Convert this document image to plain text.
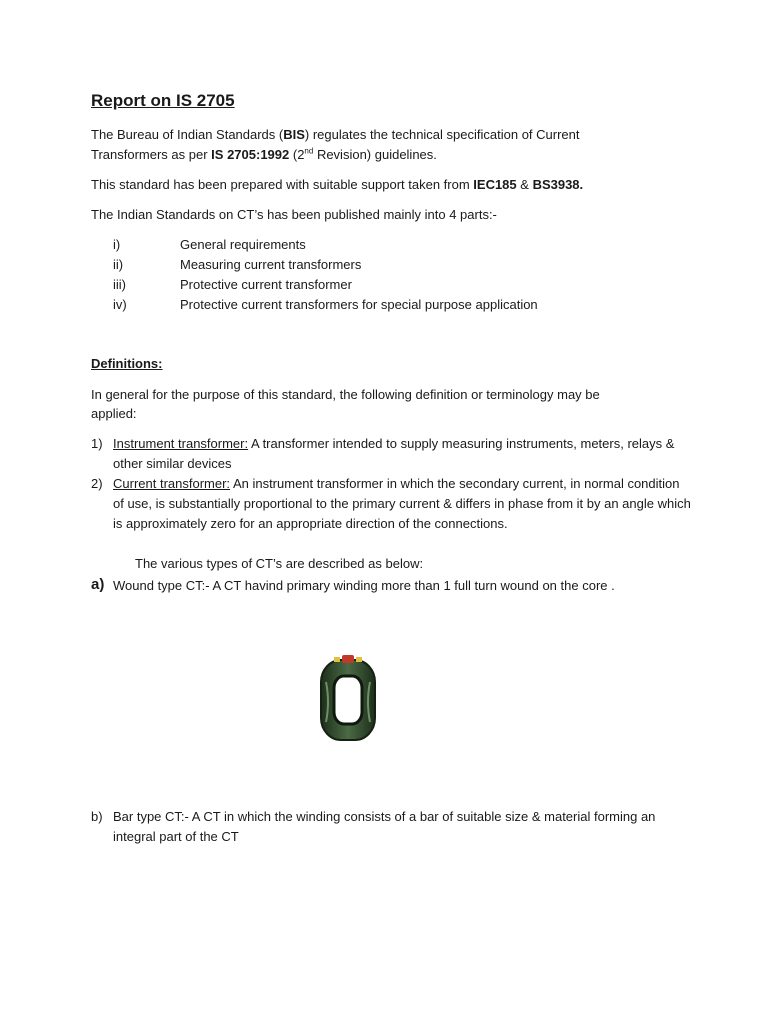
Report on IS 2705
The Bureau of Indian Standards (BIS) regulates the technical specification of Current
Transformers as per IS 2705:1992 (2nd Revision) guidelines.
This standard has been prepared with suitable support taken from IEC185 & BS3938.
The Indian Standards on CT’s has been published mainly into 4 parts:-
i)	General requirements
ii)	Measuring current transformers
iii)	Protective current transformer
iv)	Protective current transformers for special purpose application
Definitions:
In general for the purpose of this standard, the following definition or terminology may be
applied:
1) Instrument transformer: A transformer intended to supply measuring instruments, meters, relays & other similar devices
2) Current transformer: An instrument transformer in which the secondary current, in normal condition of use, is substantially proportional to the primary current & differs in phase from it by an angle which is approximately zero for an appropriate direction of the connections.
The various types of CT’s are described as below:
a) Wound type CT:- A CT havind primary winding more than 1 full turn wound on the core .
b) Bar type CT:- A CT in which the winding consists of a bar of suitable size & material forming an integral part of the CT
